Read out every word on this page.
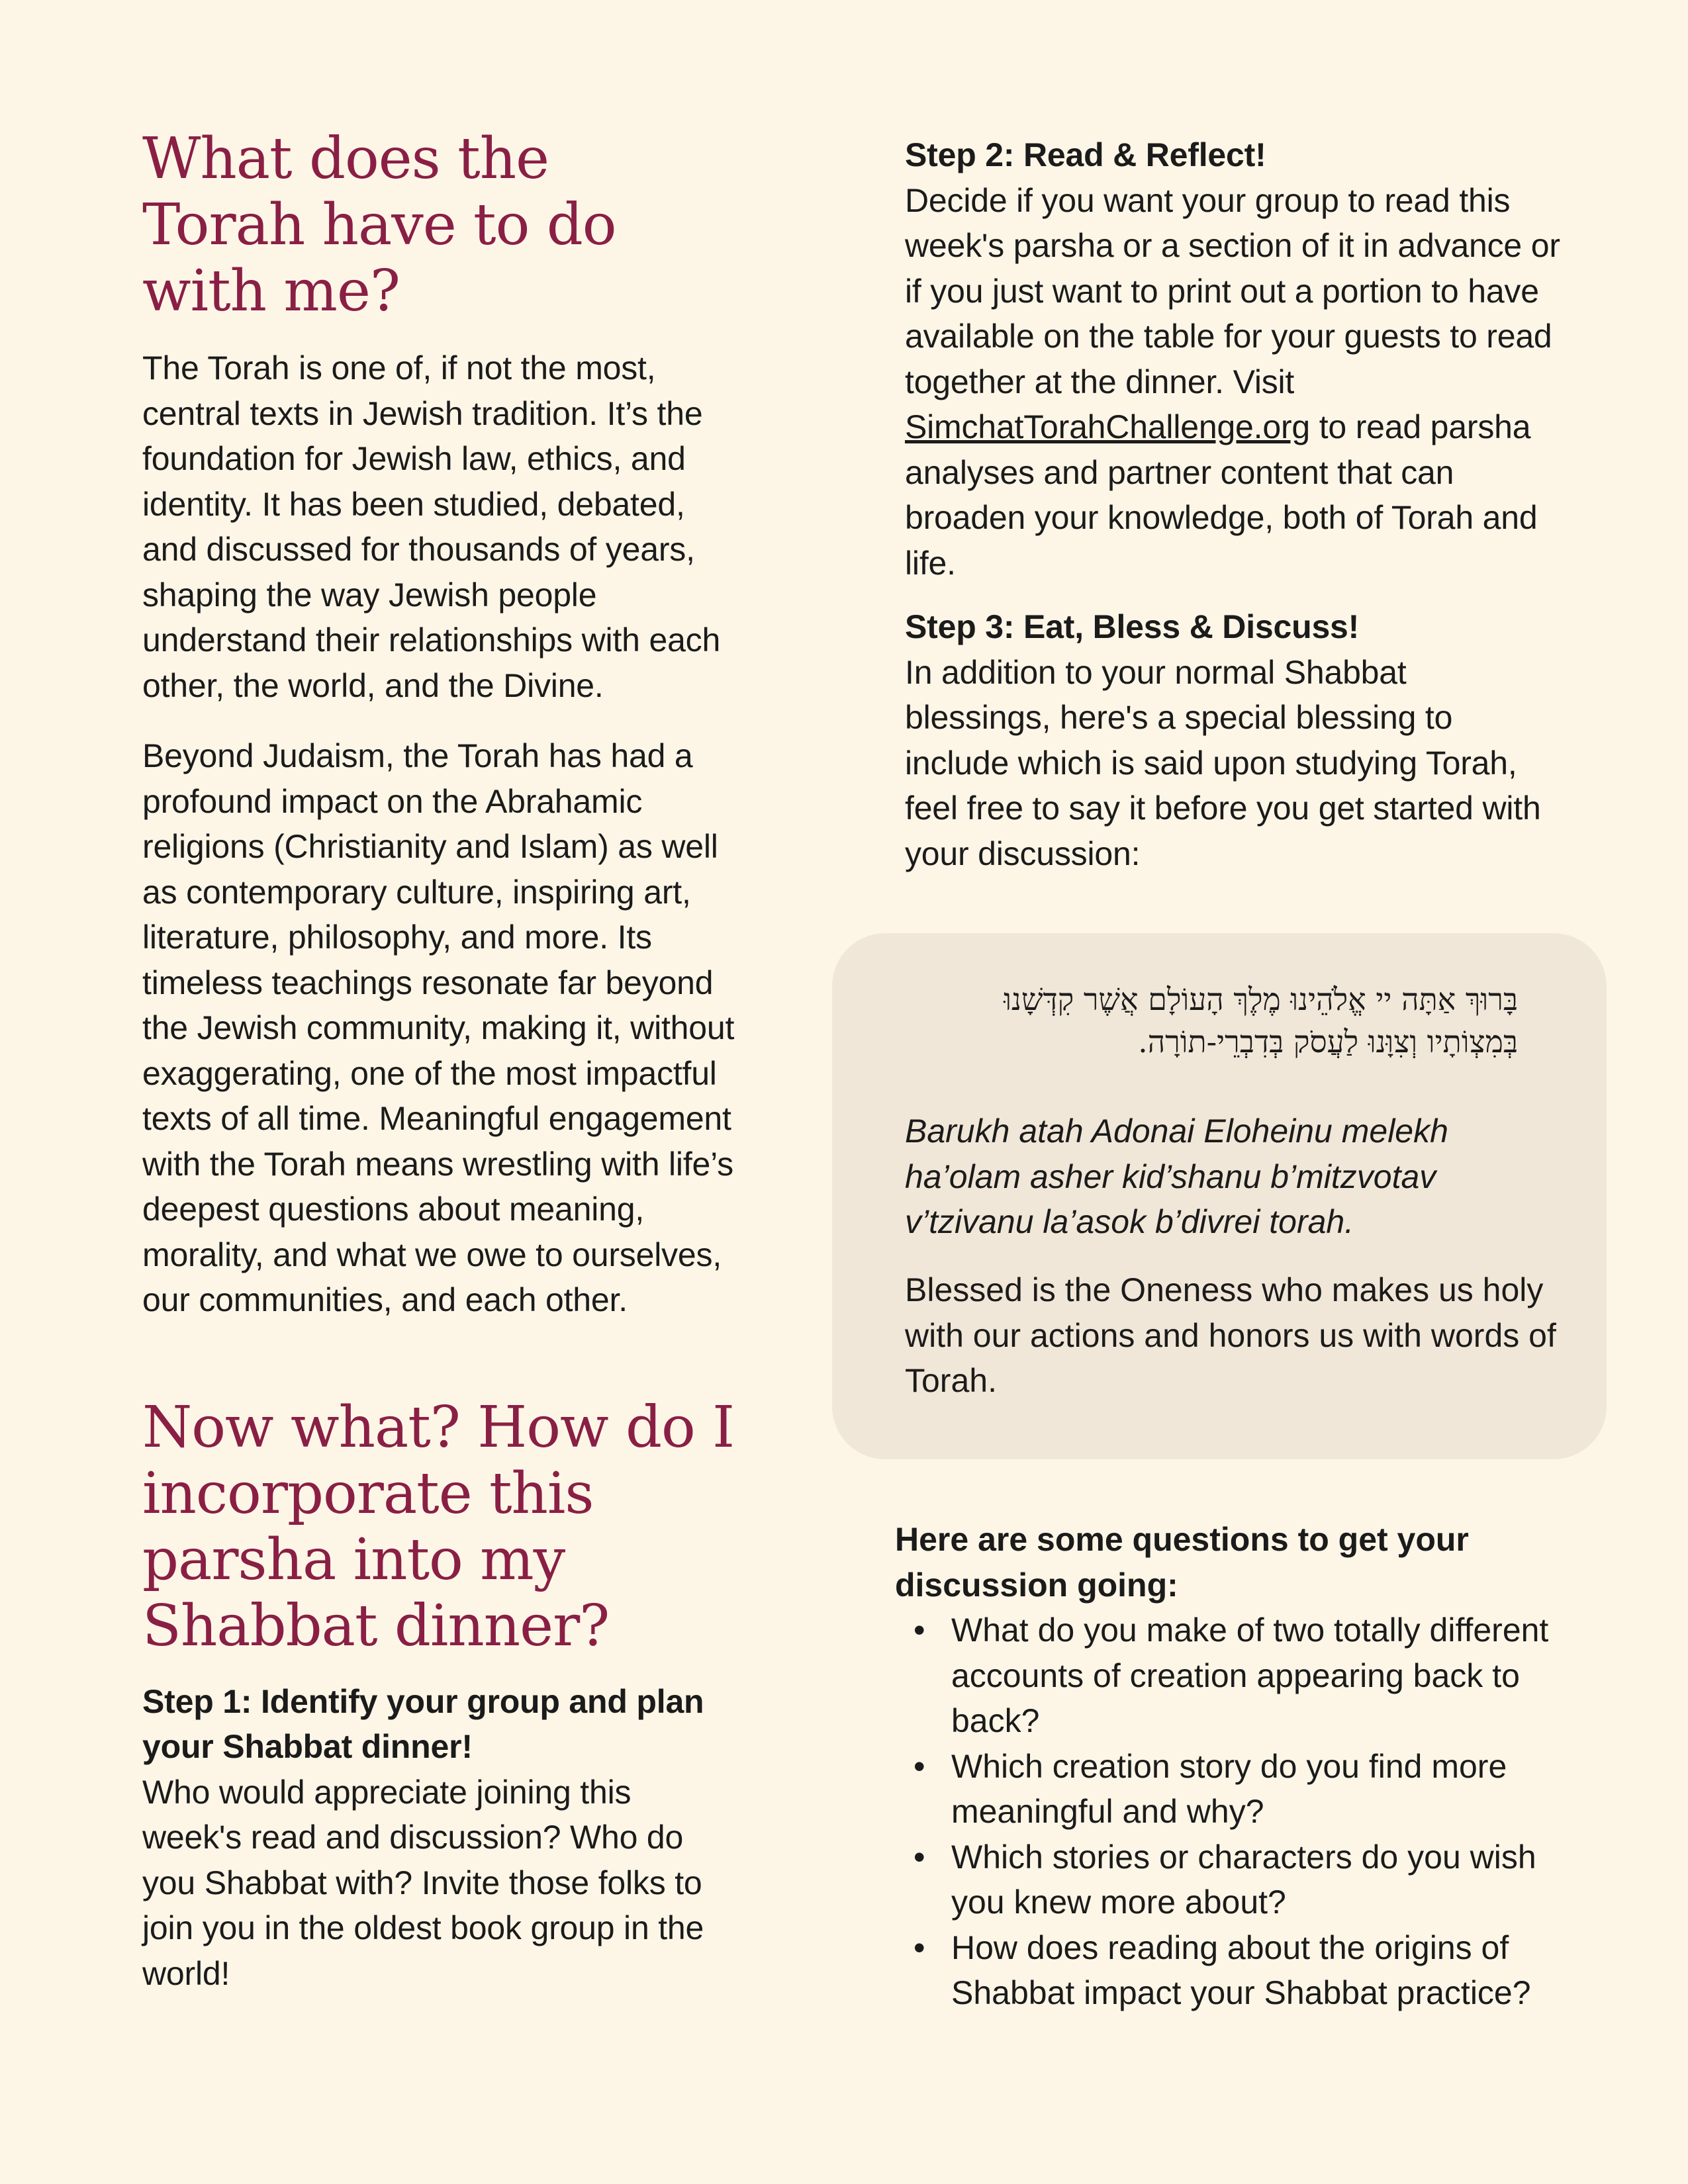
What does the Torah have to do with me?

The Torah is one of, if not the most, central texts in Jewish tradition. It’s the foundation for Jewish law, ethics, and identity. It has been studied, debated, and discussed for thousands of years, shaping the way Jewish people understand their relationships with each other, the world, and the Divine.

Beyond Judaism, the Torah has had a profound impact on the Abrahamic religions (Christianity and Islam) as well as contemporary culture, inspiring art, literature, philosophy, and more. Its timeless teachings resonate far beyond the Jewish community, making it, without exaggerating, one of the most impactful texts of all time. Meaningful engagement with the Torah means wrestling with life’s deepest questions about meaning, morality, and what we owe to ourselves, our communities, and each other.

Now what? How do I incorporate this parsha into my Shabbat dinner?

Step 1: Identify your group and plan your Shabbat dinner!
Who would appreciate joining this week's read and discussion? Who do you Shabbat with? Invite those folks to join you in the oldest book group in the world!

Step 2: Read & Reflect!
Decide if you want your group to read this week's parsha or a section of it in advance or if you just want to print out a portion to have available on the table for your guests to read together at the dinner. Visit SimchatTorahChallenge.org to read parsha analyses and partner content that can broaden your knowledge, both of Torah and life.

Step 3: Eat, Bless & Discuss!
In addition to your normal Shabbat blessings, here's a special blessing to include which is said upon studying Torah, feel free to say it before you get started with your discussion:

בָּרוּךְ אַתָּה יי אֱלֹהֵינוּ מֶלֶךְ הָעוֹלָם אֲשֶׁר קִדְּשָׁנוּ
בְּמִצְוֹתָיו וְצִוָּנוּ לַעֲסֹק בְּדִבְרֵי-תוֹרָה.
Barukh atah Adonai Eloheinu melekh ha’olam asher kid’shanu b’mitzvotav v’tzivanu la’asok b’divrei torah.
Blessed is the Oneness who makes us holy with our actions and honors us with words of Torah.
Here are some questions to get your discussion going:
• What do you make of two totally different accounts of creation appearing back to back?
• Which creation story do you find more meaningful and why?
• Which stories or characters do you wish you knew more about?
• How does reading about the origins of Shabbat impact your Shabbat practice?
